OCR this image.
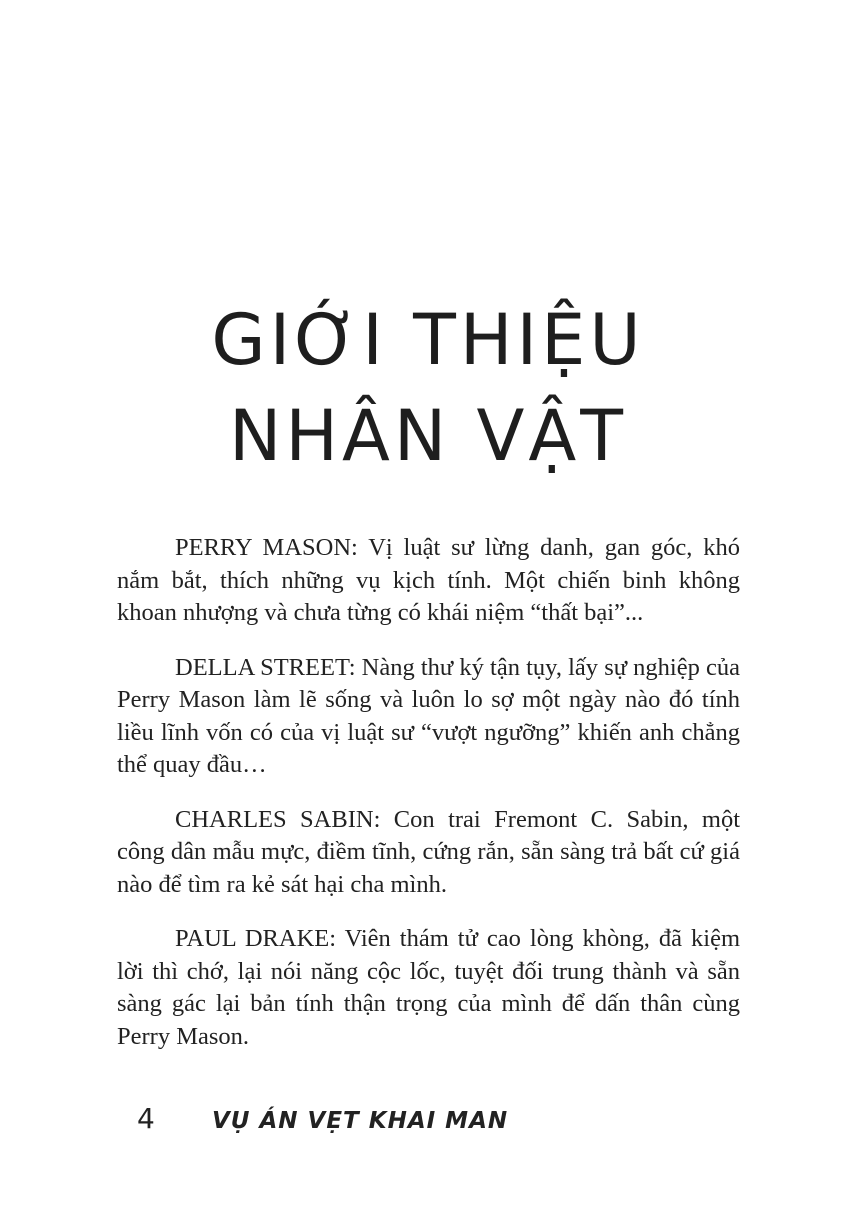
GIỚI THIỆU
NHÂN VẬT

PERRY MASON: Vị luật sư lừng danh, gan góc, khó nắm bắt, thích những vụ kịch tính. Một chiến binh không khoan nhượng và chưa từng có khái niệm “thất bại”...

DELLA STREET: Nàng thư ký tận tụy, lấy sự nghiệp của Perry Mason làm lẽ sống và luôn lo sợ một ngày nào đó tính liều lĩnh vốn có của vị luật sư “vượt ngưỡng” khiến anh chẳng thể quay đầu…

CHARLES SABIN: Con trai Fremont C. Sabin, một công dân mẫu mực, điềm tĩnh, cứng rắn, sẵn sàng trả bất cứ giá nào để tìm ra kẻ sát hại cha mình.

PAUL DRAKE: Viên thám tử cao lòng khòng, đã kiệm lời thì chớ, lại nói năng cộc lốc, tuyệt đối trung thành và sẵn sàng gác lại bản tính thận trọng của mình để dấn thân cùng Perry Mason.

4 VỤ ÁN VẸT KHAI MAN
